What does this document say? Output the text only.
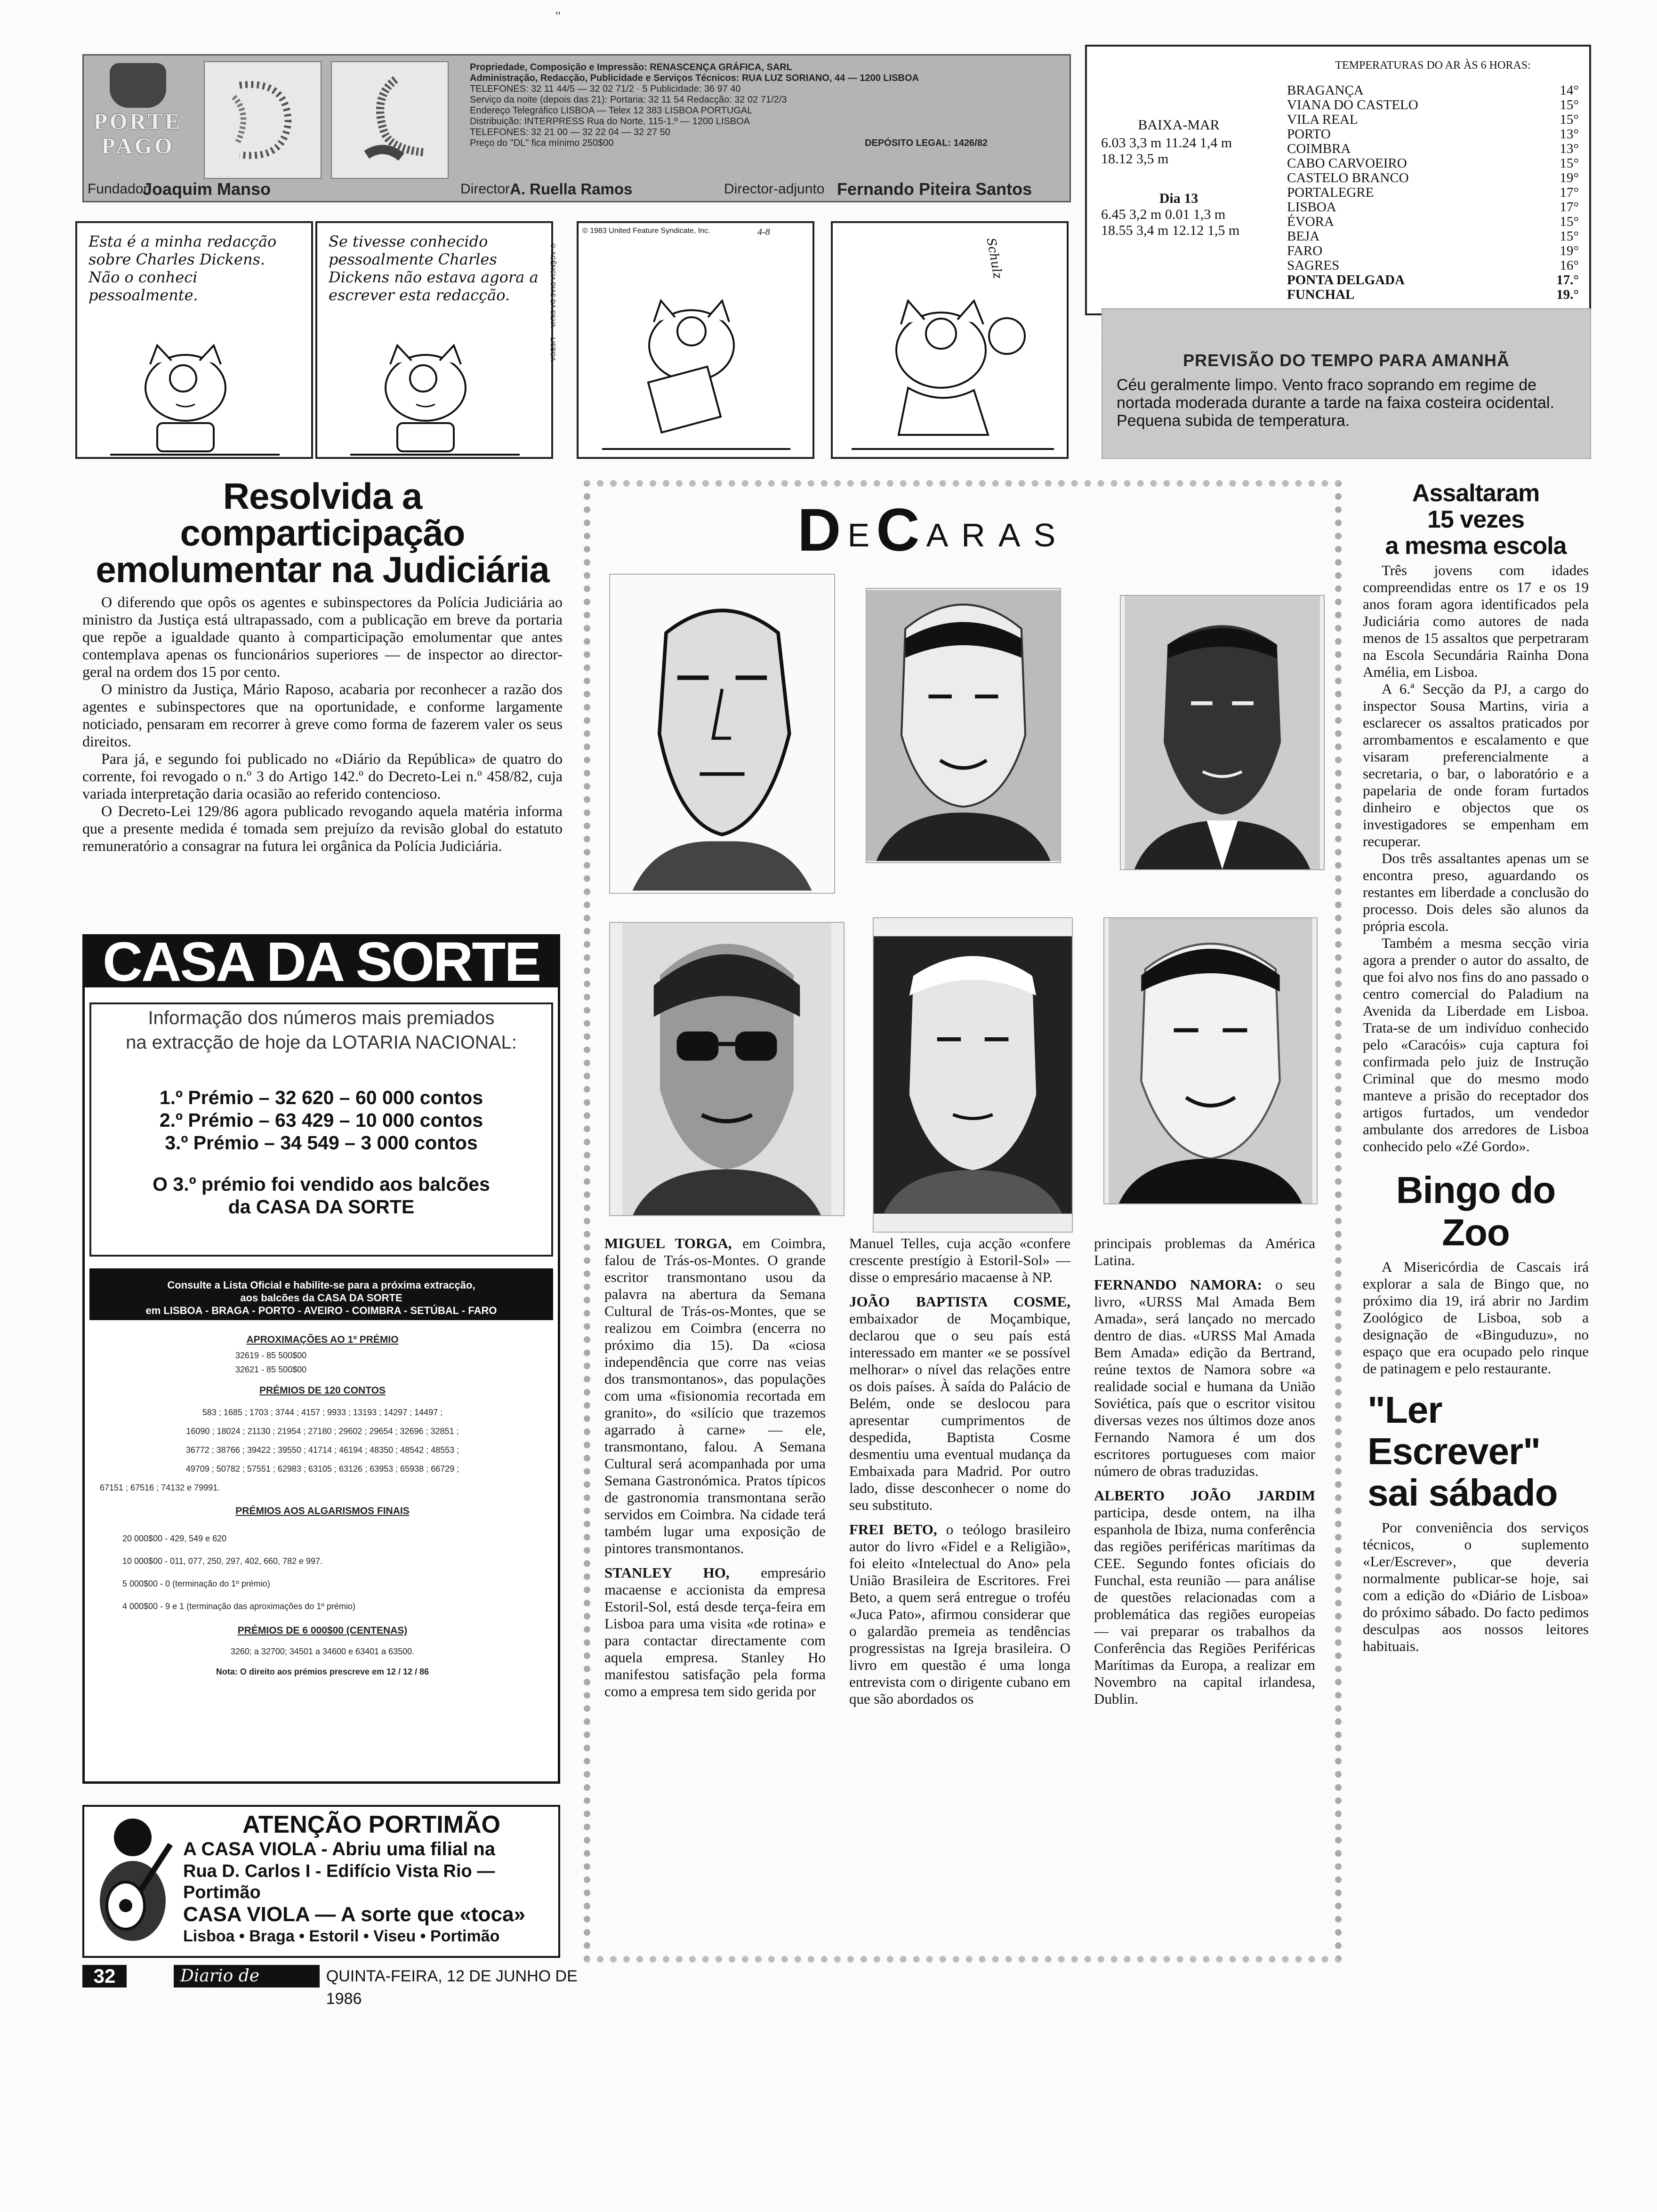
"
PORTE
PAGO
Propriedade, Composição e Impressão: RENASCENÇA GRÁFICA, SARL
Administração, Redacção, Publicidade e Serviços Técnicos: RUA LUZ SORIANO, 44 — 1200 LISBOA
TELEFONES: 32 11 44/5 — 32 02 71/2 · 5 Publicidade: 36 97 40
Serviço da noite (depois das 21): Portaria: 32 11 54 Redacção: 32 02 71/2/3
Endereço Telegráfico LISBOA — Telex 12 383 LISBOA PORTUGAL
Distribuição: INTERPRESS Rua do Norte, 115-1.º — 1200 LISBOA
TELEFONES: 32 21 00 — 32 22 04 — 32 27 50
Preço do "DL" fica mínimo 250$00	DEPÓSITO LEGAL: 1426/82
Fundador
Joaquim Manso	Director A. Ruella Ramos	Director-adjunto Fernando Piteira Santos
Esta é a minha redacção sobre Charles Dickens. Não o conheci pessoalmente.
Se tivesse conhecido pessoalmente Charles Dickens não estava agora a escrever esta redacção.	© AGÊNCIA DIAS DA SILVA — LISBOA
© 1983 United Feature Syndicate, Inc.	4-8
Schulz
BAIXA-MAR
6.03 3,3 m 11.24 1,4 m
18.12 3,5 m
Dia 13
6.45 3,2 m 0.01 1,3 m
18.55 3,4 m 12.12 1,5 m
TEMPERATURAS DO AR ÀS 6 HORAS:
BRAGANÇA	14°
VIANA DO CASTELO	15°
VILA REAL	15°
PORTO	13°
COIMBRA	13°
CABO CARVOEIRO	15°
CASTELO BRANCO	19°
PORTALEGRE	17°
LISBOA	17°
ÉVORA	15°
BEJA	15°
FARO	19°
SAGRES	16°
PONTA DELGADA	17.°
FUNCHAL	19.°
PREVISÃO DO TEMPO PARA AMANHÃ
Céu geralmente limpo. Vento fraco soprando em regime de nortada moderada durante a tarde na faixa costeira ocidental. Pequena subida de temperatura.
Resolvida a comparticipação
emolumentar na Judiciária

O diferendo que opôs os agentes e subinspectores da Polícia Judiciária ao ministro da Justiça está ultrapassado, com a publicação em breve da portaria que repõe a igualdade quanto à comparticipação emolumentar que antes contemplava apenas os funcionários superiores — de inspector ao director-geral na ordem dos 15 por cento.

O ministro da Justiça, Mário Raposo, acabaria por reconhecer a razão dos agentes e subinspectores que na oportunidade, e conforme largamente noticiado, pensaram em recorrer à greve como forma de fazerem valer os seus direitos.

Para já, e segundo foi publicado no «Diário da República» de quatro do corrente, foi revogado o n.º 3 do Artigo 142.º do Decreto-Lei n.º 458/82, cuja variada interpretação daria ocasião ao referido contencioso.

O Decreto-Lei 129/86 agora publicado revogando aquela matéria informa que a presente medida é tomada sem prejuízo da revisão global do estatuto remuneratório a consagrar na futura lei orgânica da Polícia Judiciária.

CASA DA SORTE
Informação dos números mais premiados
na extracção de hoje da LOTARIA NACIONAL:
1.º Prémio – 32 620 – 60 000 contos
2.º Prémio – 63 429 – 10 000 contos
3.º Prémio – 34 549 – 3 000 contos
O 3.º prémio foi vendido aos balcões
da CASA DA SORTE
Consulte a Lista Oficial e habilite-se para a próxima extracção,
aos balcões da CASA DA SORTE
em LISBOA - BRAGA - PORTO - AVEIRO - COIMBRA - SETÚBAL - FARO
APROXIMAÇÕES AO 1º PRÉMIO
32619 - 85 500$00
32621 - 85 500$00
PRÉMIOS DE 120 CONTOS
583 ; 1685 ; 1703 ; 3744 ; 4157 ; 9933 ; 13193 ; 14297 ; 14497 ;
16090 ; 18024 ; 21130 ; 21954 ; 27180 ; 29602 ; 29654 ; 32696 ; 32851 ;
36772 ; 38766 ; 39422 ; 39550 ; 41714 ; 46194 ; 48350 ; 48542 ; 48553 ;
49709 ; 50782 ; 57551 ; 62983 ; 63105 ; 63126 ; 63953 ; 65938 ; 66729 ;
67151 ; 67516 ; 74132 e 79991.
PRÉMIOS AOS ALGARISMOS FINAIS
20 000$00 - 429, 549 e 620
10 000$00 - 011, 077, 250, 297, 402, 660, 782 e 997.
5 000$00 - 0 (terminação do 1º prémio)
4 000$00 - 9 e 1 (terminação das aproximações do 1º prémio)
PRÉMIOS DE 6 000$00 (CENTENAS)
3260; a 32700; 34501 a 34600 e 63401 a 63500.
Nota: O direito aos prémios prescreve em 12 / 12 / 86
ATENÇÃO PORTIMÃO
A CASA VIOLA - Abriu uma filial na
Rua D. Carlos I - Edifício Vista Rio —
Portimão
CASA VIOLA — A sorte que «toca»
Lisboa • Braga • Estoril • Viseu • Portimão
32	Diario de Lisboa
QUINTA-FEIRA, 12 DE JUNHO DE 1986
D E C A R A S

MIGUEL TORGA, em Coimbra, falou de Trás-os-Montes. O grande escritor transmontano usou da palavra na abertura da Semana Cultural de Trás-os-Montes, que se realizou em Coimbra (encerra no próximo dia 15). Da «ciosa independência que corre nas veias dos transmontanos», das populações com uma «fisionomia recortada em granito», do «silício que trazemos agarrado à carne» — ele, transmontano, falou. A Semana Cultural será acompanhada por uma Semana Gastronómica. Pratos típicos de gastronomia transmontana serão servidos em Coimbra. Na cidade terá também lugar uma exposição de pintores transmontanos.

STANLEY HO, empresário macaense e accionista da empresa Estoril-Sol, está desde terça-feira em Lisboa para uma visita «de rotina» e para contactar directamente com aquela empresa. Stanley Ho manifestou satisfação pela forma como a empresa tem sido gerida por

Manuel Telles, cuja acção «confere crescente prestígio à Estoril-Sol» — disse o empresário macaense à NP.

JOÃO BAPTISTA COSME, embaixador de Moçambique, declarou que o seu país está interessado em manter «e se possível melhorar» o nível das relações entre os dois países. À saída do Palácio de Belém, onde se deslocou para apresentar cumprimentos de despedida, Baptista Cosme desmentiu uma eventual mudança da Embaixada para Madrid. Por outro lado, disse desconhecer o nome do seu substituto.

FREI BETO, o teólogo brasileiro autor do livro «Fidel e a Religião», foi eleito «Intelectual do Ano» pela União Brasileira de Escritores. Frei Beto, a quem será entregue o troféu «Juca Pato», afirmou considerar que o galardão premeia as tendências progressistas na Igreja brasileira. O livro em questão é uma longa entrevista com o dirigente cubano em que são abordados os

principais problemas da América Latina.

FERNANDO NAMORA: o seu livro, «URSS Mal Amada Bem Amada», será lançado no mercado dentro de dias. «URSS Mal Amada Bem Amada» edição da Bertrand, reúne textos de Namora sobre «a realidade social e humana da União Soviética, país que o escritor visitou diversas vezes nos últimos doze anos Fernando Namora é um dos escritores portugueses com maior número de obras traduzidas.

ALBERTO JOÃO JARDIM participa, desde ontem, na ilha espanhola de Ibiza, numa conferência das regiões periféricas marítimas da CEE. Segundo fontes oficiais do Funchal, esta reunião — para análise de questões relacionadas com a problemática das regiões europeias — vai preparar os trabalhos da Conferência das Regiões Periféricas Marítimas da Europa, a realizar em Novembro na capital irlandesa, Dublin.

Assaltaram
15 vezes
a mesma escola

Três jovens com idades compreendidas entre os 17 e os 19 anos foram agora identificados pela Judiciária como autores de nada menos de 15 assaltos que perpetraram na Escola Secundária Rainha Dona Amélia, em Lisboa.

A 6.ª Secção da PJ, a cargo do inspector Sousa Martins, viria a esclarecer os assaltos praticados por arrombamentos e escalamento e que visaram preferencialmente a secretaria, o bar, o laboratório e a papelaria de onde foram furtados dinheiro e objectos que os investigadores se empenham em recuperar.

Dos três assaltantes apenas um se encontra preso, aguardando os restantes em liberdade a conclusão do processo. Dois deles são alunos da própria escola.

Também a mesma secção viria agora a prender o autor do assalto, de que foi alvo nos fins do ano passado o centro comercial do Paladium na Avenida da Liberdade em Lisboa. Trata-se de um indivíduo conhecido pelo «Caracóis» cuja captura foi confirmada pelo juiz de Instrução Criminal que do mesmo modo manteve a prisão do receptador dos artigos furtados, um vendedor ambulante dos arredores de Lisboa conhecido pelo «Zé Gordo».

Bingo do Zoo

A Misericórdia de Cascais irá explorar a sala de Bingo que, no próximo dia 19, irá abrir no Jardim Zoológico de Lisboa, sob a designação de «Binguduzu», no espaço que era ocupado pelo rinque de patinagem e pelo restaurante.

"Ler
Escrever"
sai sábado

Por conveniência dos serviços técnicos, o suplemento «Ler/Escrever», que deveria normalmente publicar-se hoje, sai com a edição do «Diário de Lisboa» do próximo sábado. Do facto pedimos desculpas aos nossos leitores habituais.
